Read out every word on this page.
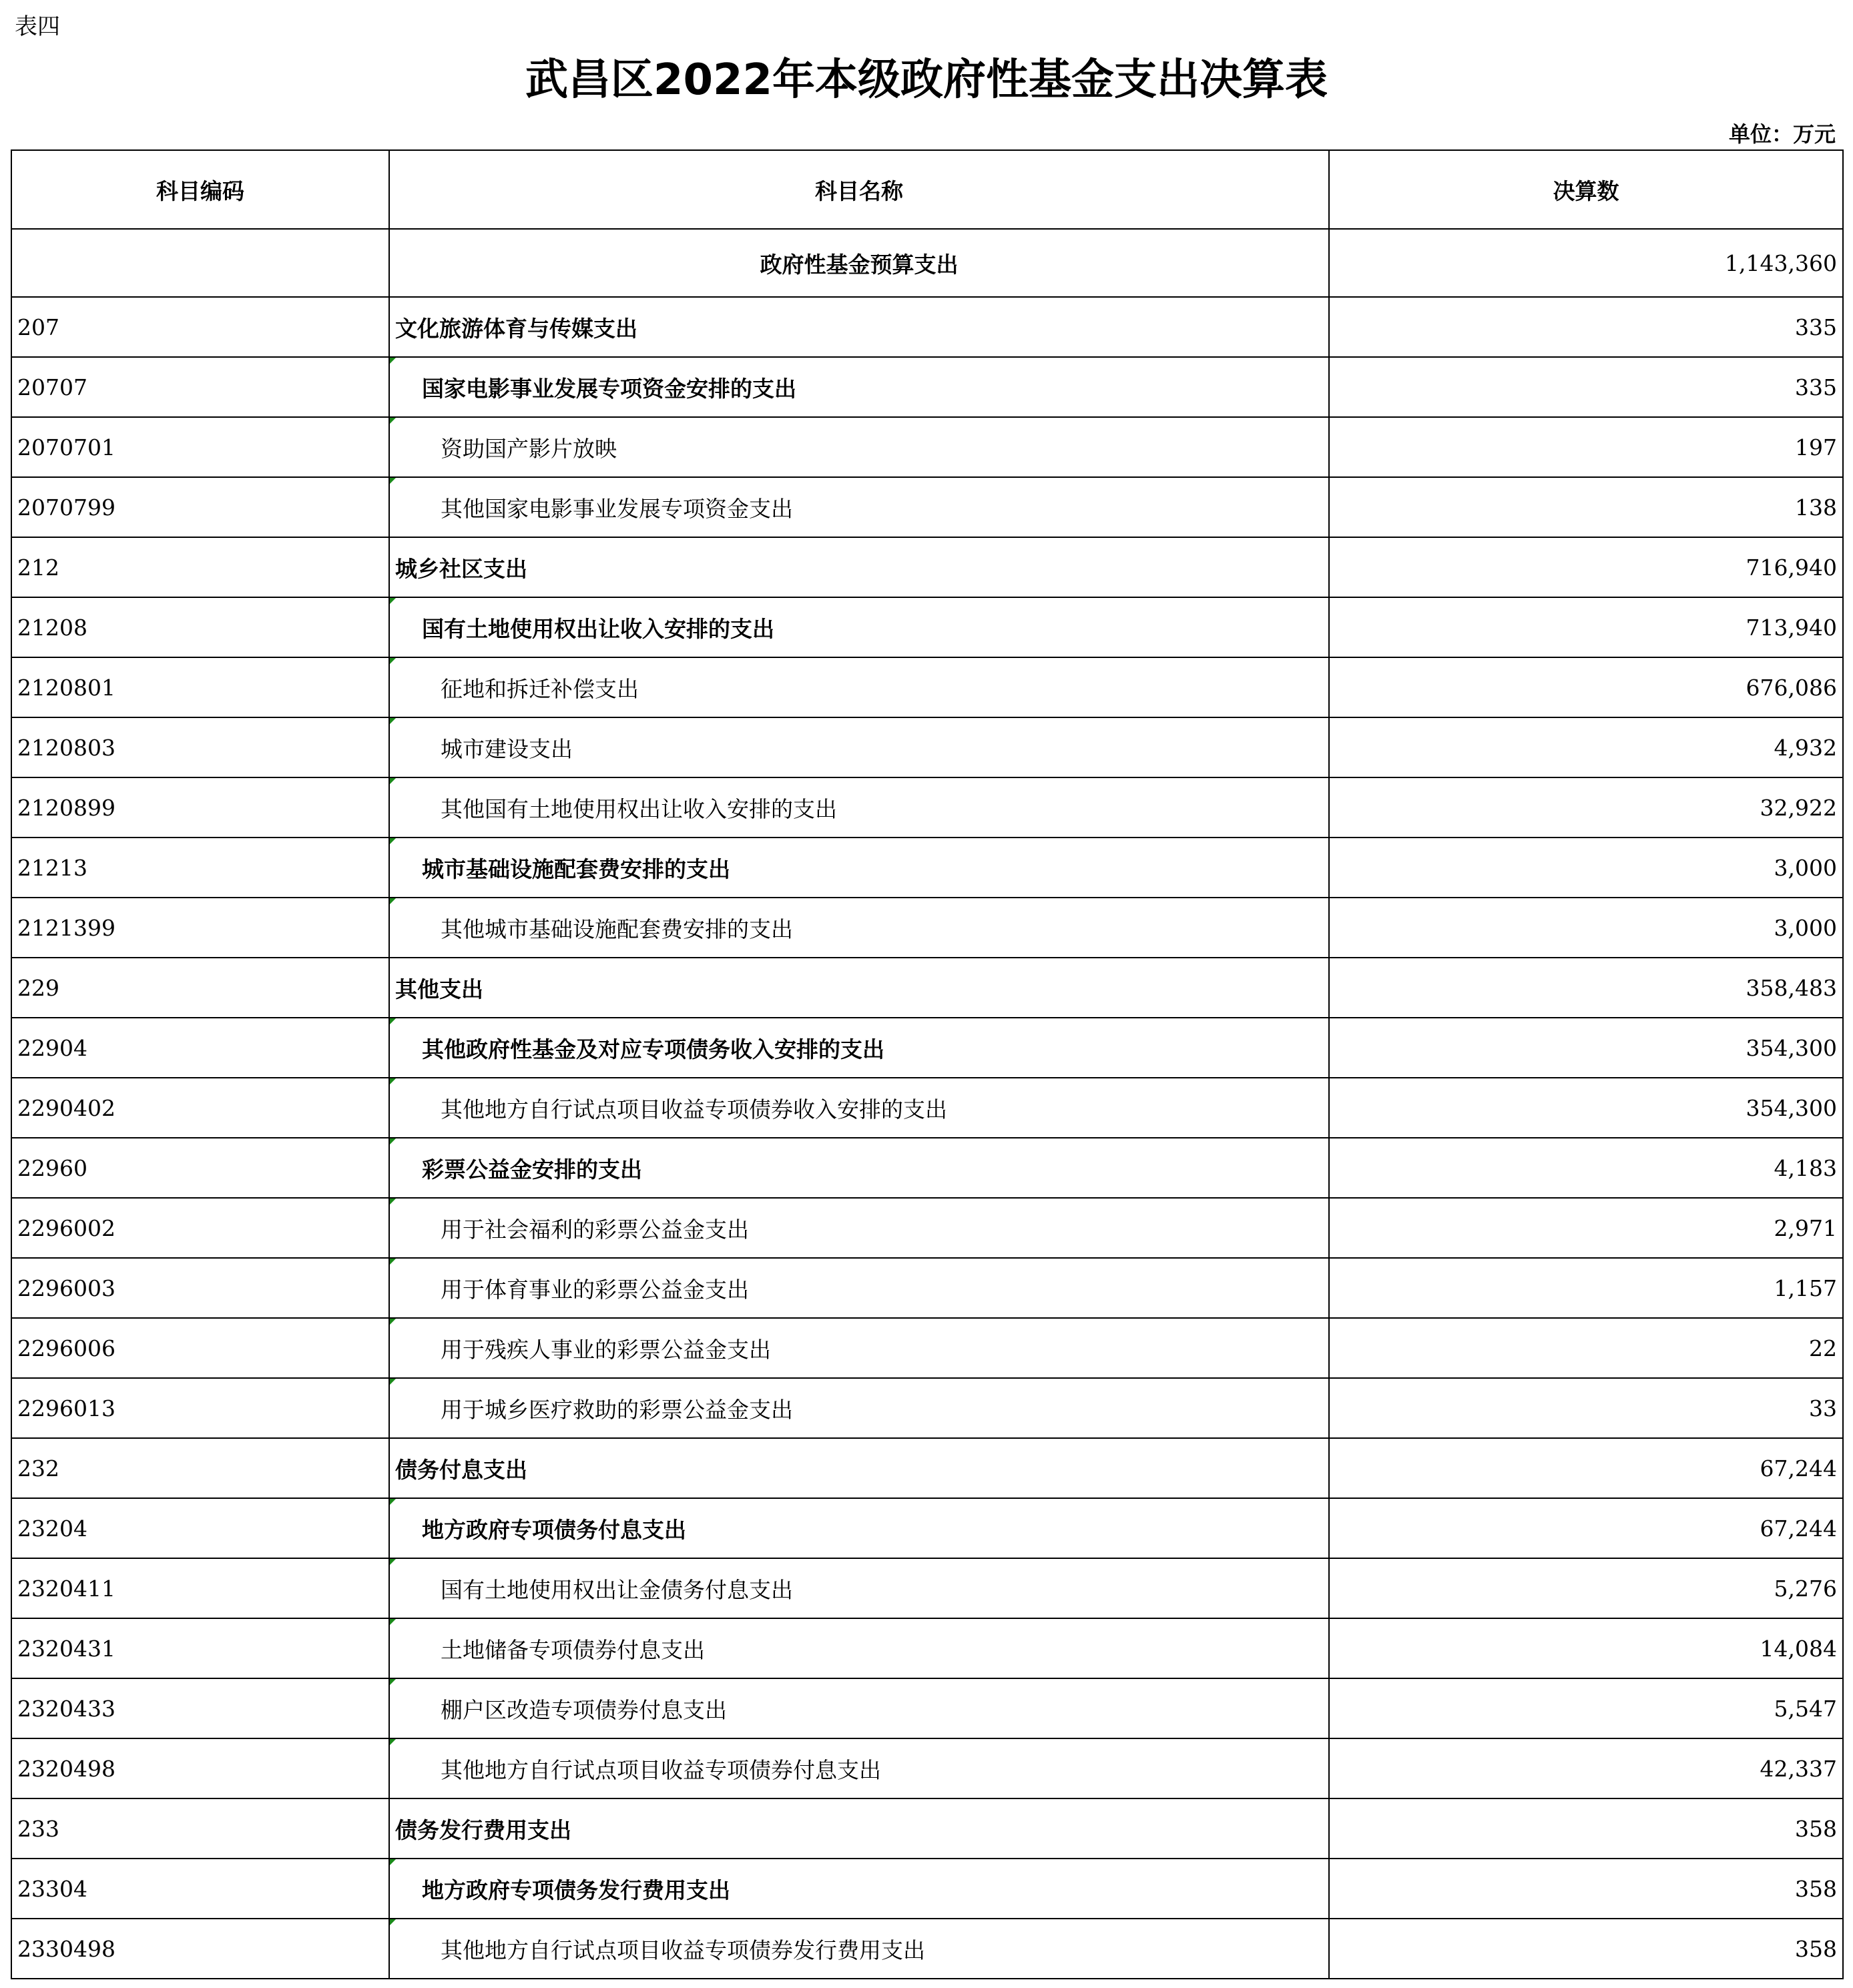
表四
武昌区2022年本级政府性基金支出决算表
单位：万元
科目编码	科目名称	决算数
	政府性基金预算支出	1,143,360
207	文化旅游体育与传媒支出	335
20707	国家电影事业发展专项资金安排的支出	335
2070701	资助国产影片放映	197
2070799	其他国家电影事业发展专项资金支出	138
212	城乡社区支出	716,940
21208	国有土地使用权出让收入安排的支出	713,940
2120801	征地和拆迁补偿支出	676,086
2120803	城市建设支出	4,932
2120899	其他国有土地使用权出让收入安排的支出	32,922
21213	城市基础设施配套费安排的支出	3,000
2121399	其他城市基础设施配套费安排的支出	3,000
229	其他支出	358,483
22904	其他政府性基金及对应专项债务收入安排的支出	354,300
2290402	其他地方自行试点项目收益专项债券收入安排的支出	354,300
22960	彩票公益金安排的支出	4,183
2296002	用于社会福利的彩票公益金支出	2,971
2296003	用于体育事业的彩票公益金支出	1,157
2296006	用于残疾人事业的彩票公益金支出	22
2296013	用于城乡医疗救助的彩票公益金支出	33
232	债务付息支出	67,244
23204	地方政府专项债务付息支出	67,244
2320411	国有土地使用权出让金债务付息支出	5,276
2320431	土地储备专项债券付息支出	14,084
2320433	棚户区改造专项债券付息支出	5,547
2320498	其他地方自行试点项目收益专项债券付息支出	42,337
233	债务发行费用支出	358
23304	地方政府专项债务发行费用支出	358
2330498	其他地方自行试点项目收益专项债券发行费用支出	358
